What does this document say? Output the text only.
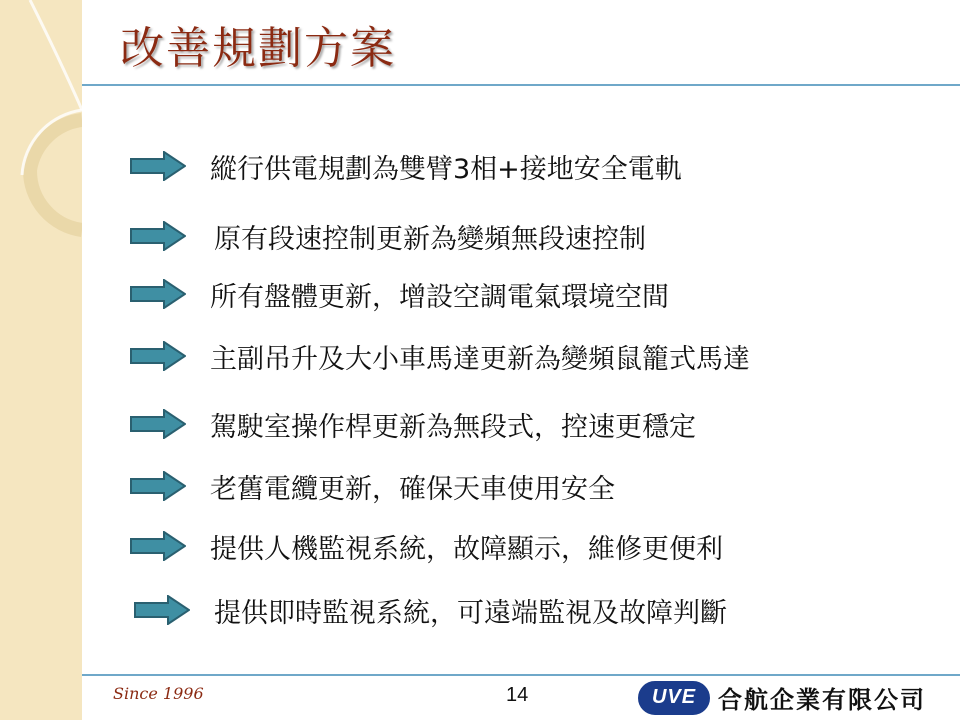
改善規劃方案
縱行供電規劃為雙臂3相+接地安全電軌
原有段速控制更新為變頻無段速控制
所有盤體更新，增設空調電氣環境空間
主副吊升及大小車馬達更新為變頻鼠籠式馬達
駕駛室操作桿更新為無段式，控速更穩定
老舊電纜更新，確保天車使用安全
提供人機監視系統，故障顯示，維修更便利
提供即時監視系統，可遠端監視及故障判斷
Since 1996	14	UVE 合航企業有限公司
